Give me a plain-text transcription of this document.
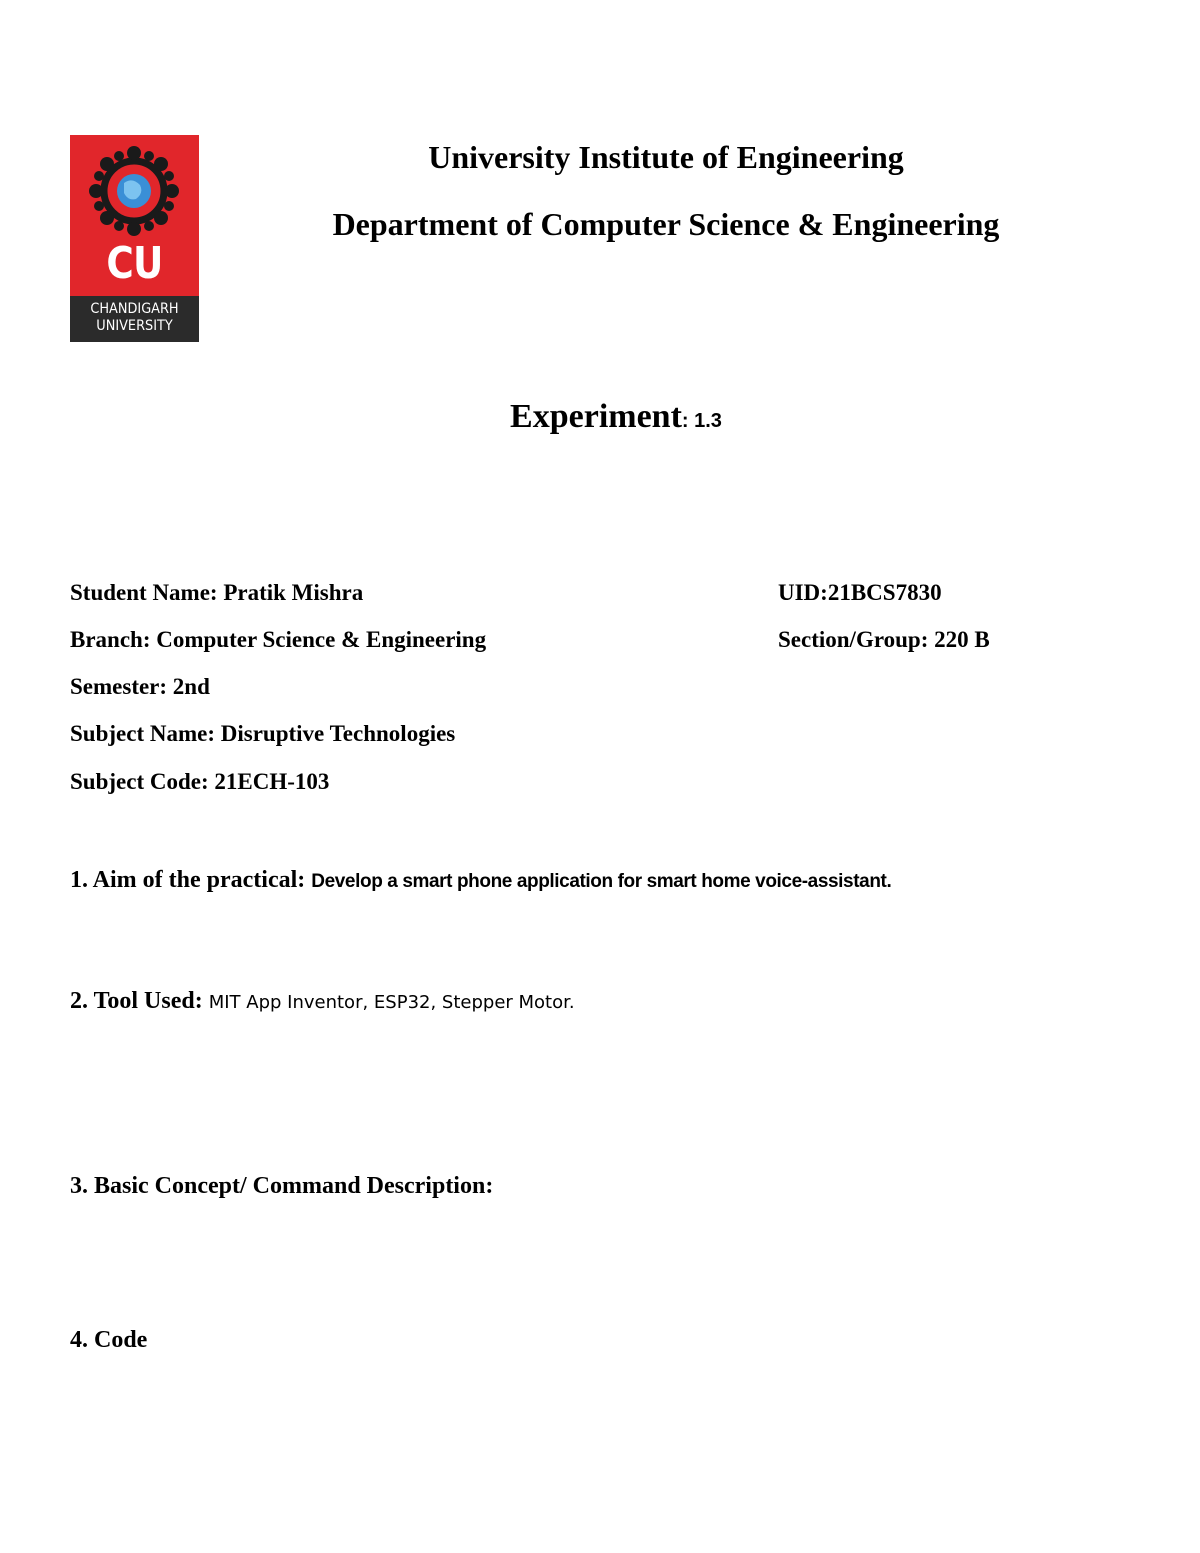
CU
CHANDIGARH
UNIVERSITY
University Institute of Engineering
Department of Computer Science & Engineering
Experiment: 1.3
Student Name: Pratik Mishra	UID:21BCS7830
Branch: Computer Science & Engineering	Section/Group: 220 B
Semester: 2nd
Subject Name: Disruptive Technologies
Subject Code: 21ECH-103
1. Aim of the practical: Develop a smart phone application for smart home voice-assistant.
2. Tool Used: MIT App Inventor, ESP32, Stepper Motor.
3. Basic Concept/ Command Description:
4. Code
